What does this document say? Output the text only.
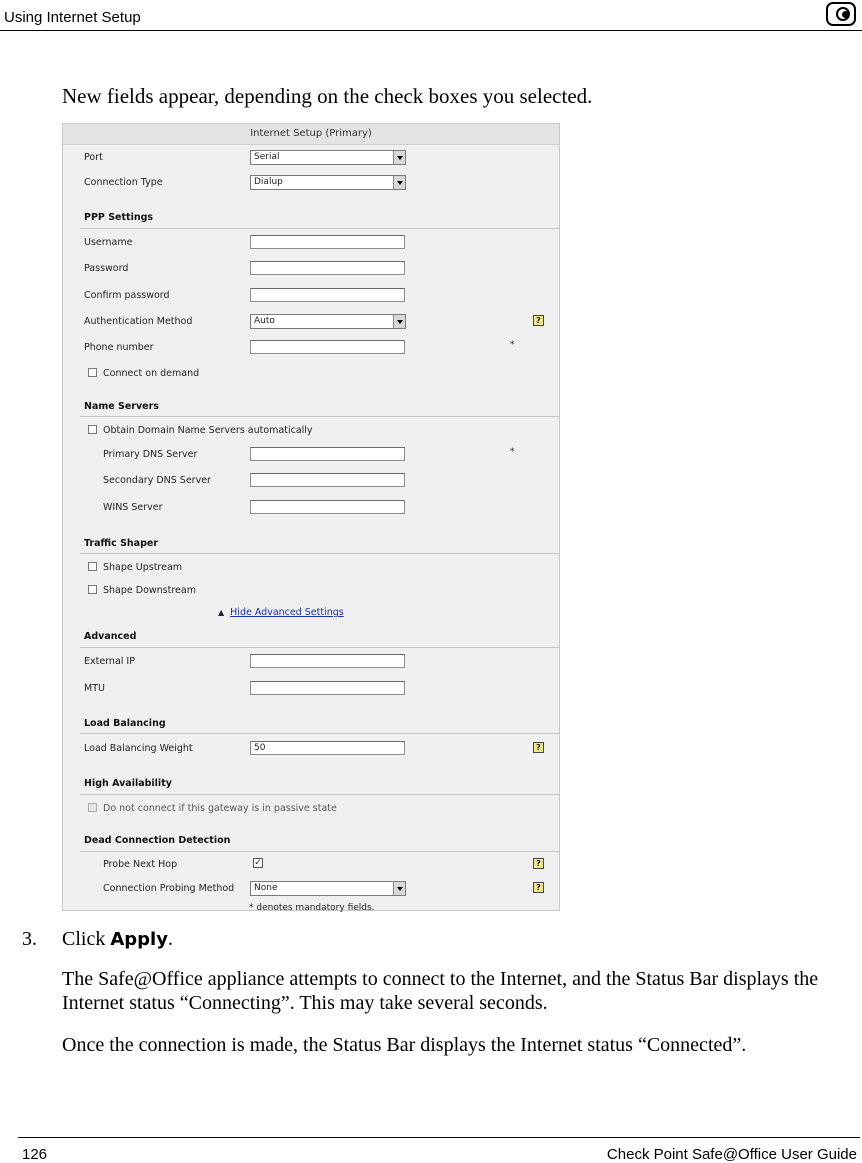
Using Internet Setup
New fields appear, depending on the check boxes you selected.
Internet Setup (Primary)
Port	Serial
Connection Type	Dialup
PPP Settings
Username
Password
Confirm password
Authentication Method	Auto	?
Phone number	*
Connect on demand
Name Servers
Obtain Domain Name Servers automatically
Primary DNS Server	*
Secondary DNS Server
WINS Server
Traffic Shaper
Shape Upstream
Shape Downstream
▲ Hide Advanced Settings
Advanced
External IP
MTU
Load Balancing
Load Balancing Weight	50	?
High Availability
Do not connect if this gateway is in passive state
Dead Connection Detection
Probe Next Hop	✓	?
Connection Probing Method	None	?
* denotes mandatory fields.
3. Click Apply.
The Safe@Office appliance attempts to connect to the Internet, and the Status Bar displays the Internet status “Connecting”. This may take several seconds.
Once the connection is made, the Status Bar displays the Internet status “Connected”.
126	Check Point Safe@Office User Guide
